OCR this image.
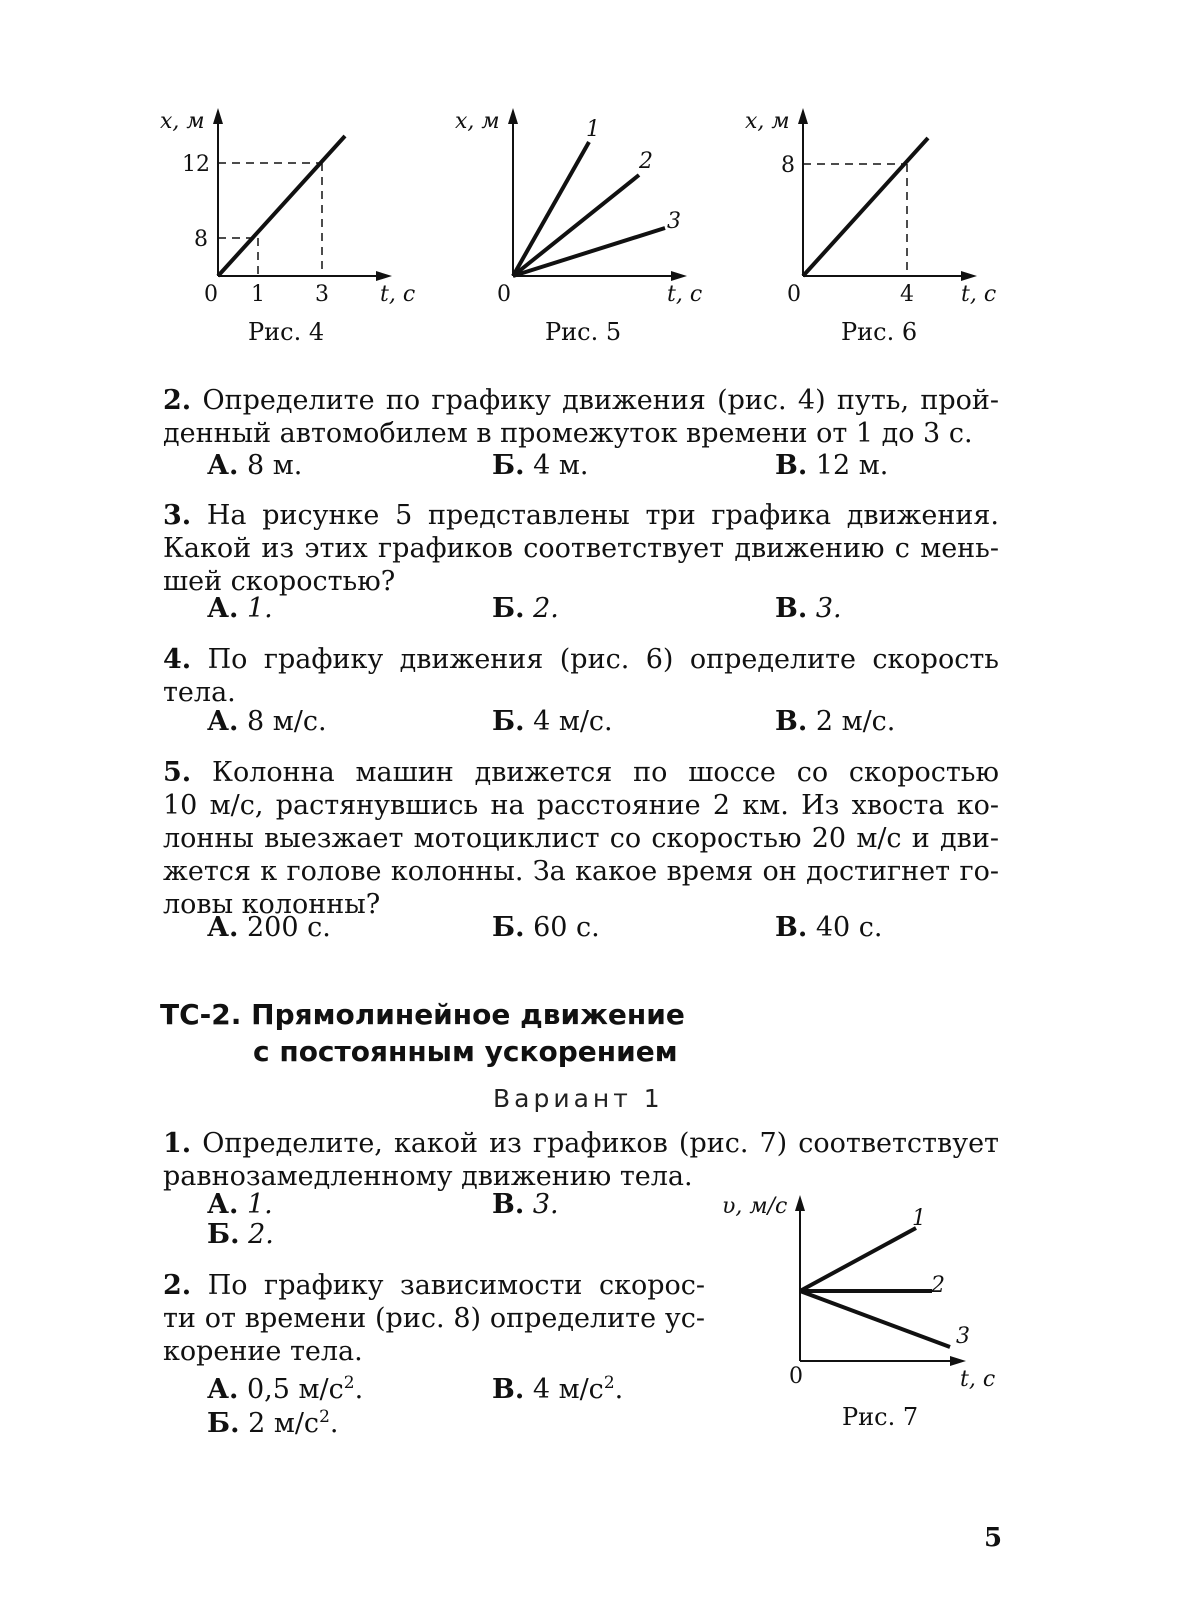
x, м
12
8
0 1 3 t, с
Рис. 4
x, м	1
2
3
0	t, с
Рис. 5
x, м
8
0	4 t, с
Рис. 6
2. Определите по графику движения (рис. 4) путь, прой-
денный автомобилем в промежуток времени от 1 до 3 с.
А. 8 м.	Б. 4 м.	В. 12 м.
3. На рисунке 5 представлены три графика движения.
Какой из этих графиков соответствует движению с мень-
шей скоростью?
А. 1.	Б. 2.	В. 3.
4. По графику движения (рис. 6) определите скорость
тела.
А. 8 м/с.	Б. 4 м/с.	В. 2 м/с.
5. Колонна машин движется по шоссе со скоростью
10 м/с, растянувшись на расстояние 2 км. Из хвоста ко-
лонны выезжает мотоциклист со скоростью 20 м/с и дви-
жется к голове колонны. За какое время он достигнет го-
ловы колонны?
А. 200 с.	Б. 60 с.	В. 40 с.
ТС-2. Прямолинейное движение
с постоянным ускорением
Вариант 1
1. Определите, какой из графиков (рис. 7) соответствует
равнозамедленному движению тела.
А. 1.	В. 3.
Б. 2.
2. По графику зависимости скорос-
ти от времени (рис. 8) определите ус-
корение тела.
А. 0,5 $м/с^2$.	В. 4 $м/с^2$.
Б. 2 $м/с^2$.
υ, м/с	1
2
3
0	t, с
Рис. 7
5
